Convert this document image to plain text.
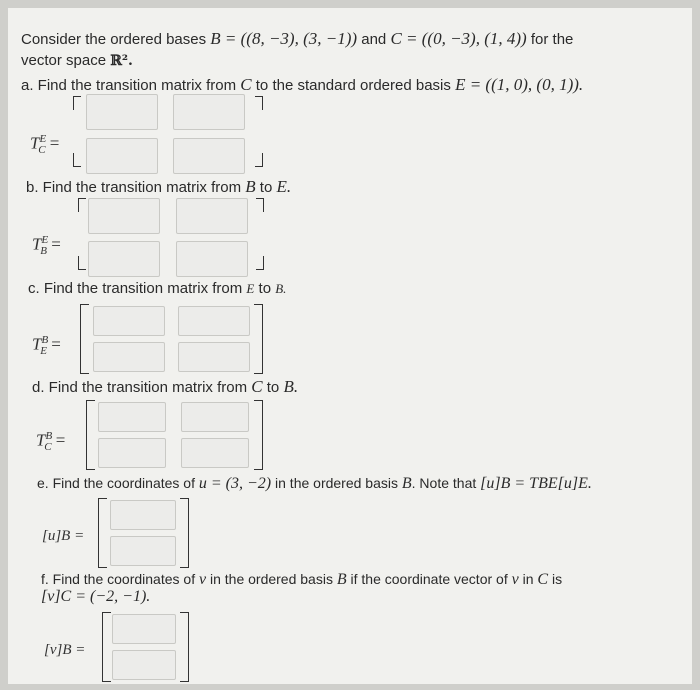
Consider the ordered bases B = ((8, −3), (3, −1)) and C = ((0, −3), (1, 4)) for the
vector space ℝ².
a. Find the transition matrix from C to the standard ordered basis E = ((1, 0), (0, 1)).
$T^E_C$ =
b. Find the transition matrix from B to E.
$T^E_B$ =
c. Find the transition matrix from E to B.
$T^B_E$ =
d. Find the transition matrix from C to B.
$T^B_C$ =
e. Find the coordinates of u = (3, −2) in the ordered basis B. Note that [u]B = TBE[u]E.
[u]B =
f. Find the coordinates of v in the ordered basis B if the coordinate vector of v in C is
[v]C = (−2, −1).
[v]B =
